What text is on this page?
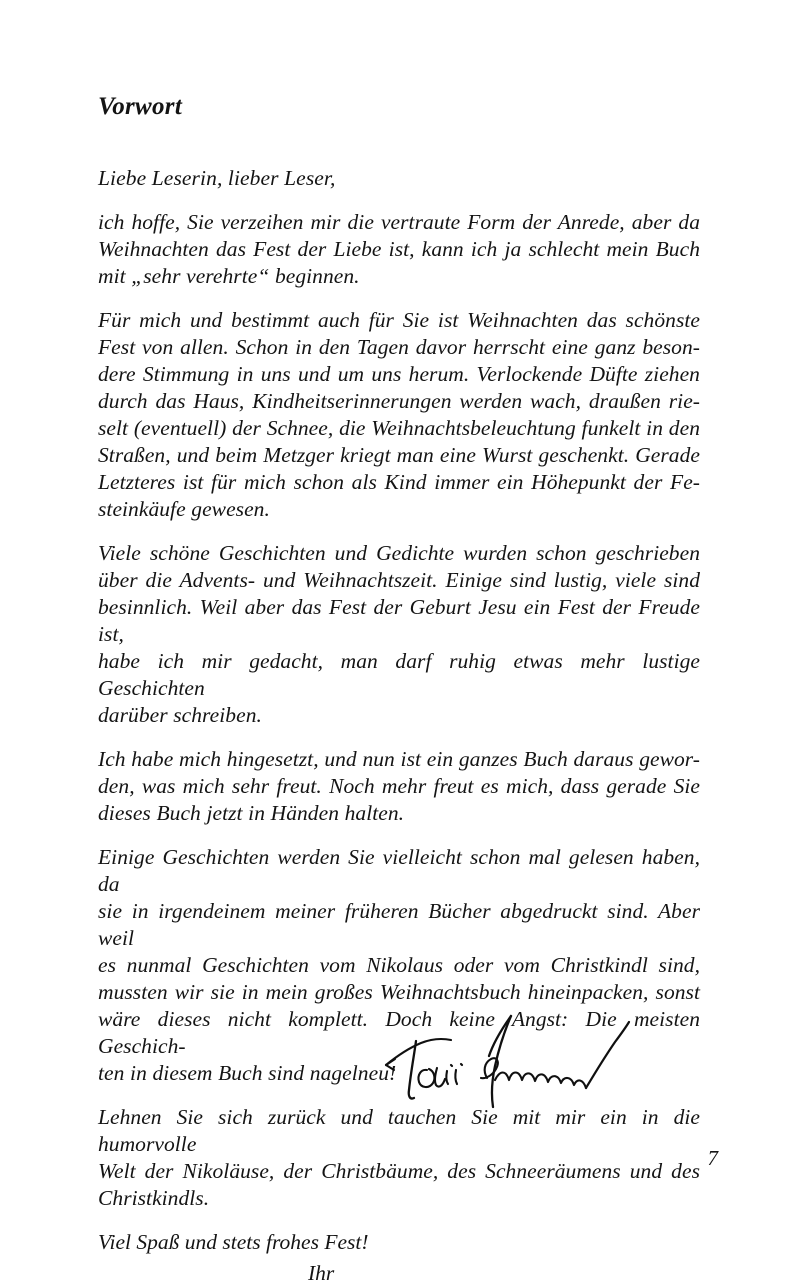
Vorwort

Liebe Leserin, lieber Leser,

ich hoffe, Sie verzeihen mir die vertraute Form der Anrede, aber da
Weihnachten das Fest der Liebe ist, kann ich ja schlecht mein Buch
mit „sehr verehrte“ beginnen.

Für mich und bestimmt auch für Sie ist Weihnachten das schönste
Fest von allen. Schon in den Tagen davor herrscht eine ganz beson-
dere Stimmung in uns und um uns herum. Verlockende Düfte ziehen
durch das Haus, Kindheitserinnerungen werden wach, draußen rie-
selt (eventuell) der Schnee, die Weihnachtsbeleuchtung funkelt in den
Straßen, und beim Metzger kriegt man eine Wurst geschenkt. Gerade
Letzteres ist für mich schon als Kind immer ein Höhepunkt der Fe-
steinkäufe gewesen.

Viele schöne Geschichten und Gedichte wurden schon geschrieben
über die Advents- und Weihnachtszeit. Einige sind lustig, viele sind
besinnlich. Weil aber das Fest der Geburt Jesu ein Fest der Freude ist,
habe ich mir gedacht, man darf ruhig etwas mehr lustige Geschichten
darüber schreiben.

Ich habe mich hingesetzt, und nun ist ein ganzes Buch daraus gewor-
den, was mich sehr freut. Noch mehr freut es mich, dass gerade Sie
dieses Buch jetzt in Händen halten.

Einige Geschichten werden Sie vielleicht schon mal gelesen haben, da
sie in irgendeinem meiner früheren Bücher abgedruckt sind. Aber weil
es nunmal Geschichten vom Nikolaus oder vom Christkindl sind,
mussten wir sie in mein großes Weihnachtsbuch hineinpacken, sonst
wäre dieses nicht komplett. Doch keine Angst: Die meisten Geschich-
ten in diesem Buch sind nagelneu!

Lehnen Sie sich zurück und tauchen Sie mit mir ein in die humorvolle
Welt der Nikoläuse, der Christbäume, des Schneeräumens und des
Christkindls.

Viel Spaß und stets frohes Fest!

Ihr

7
